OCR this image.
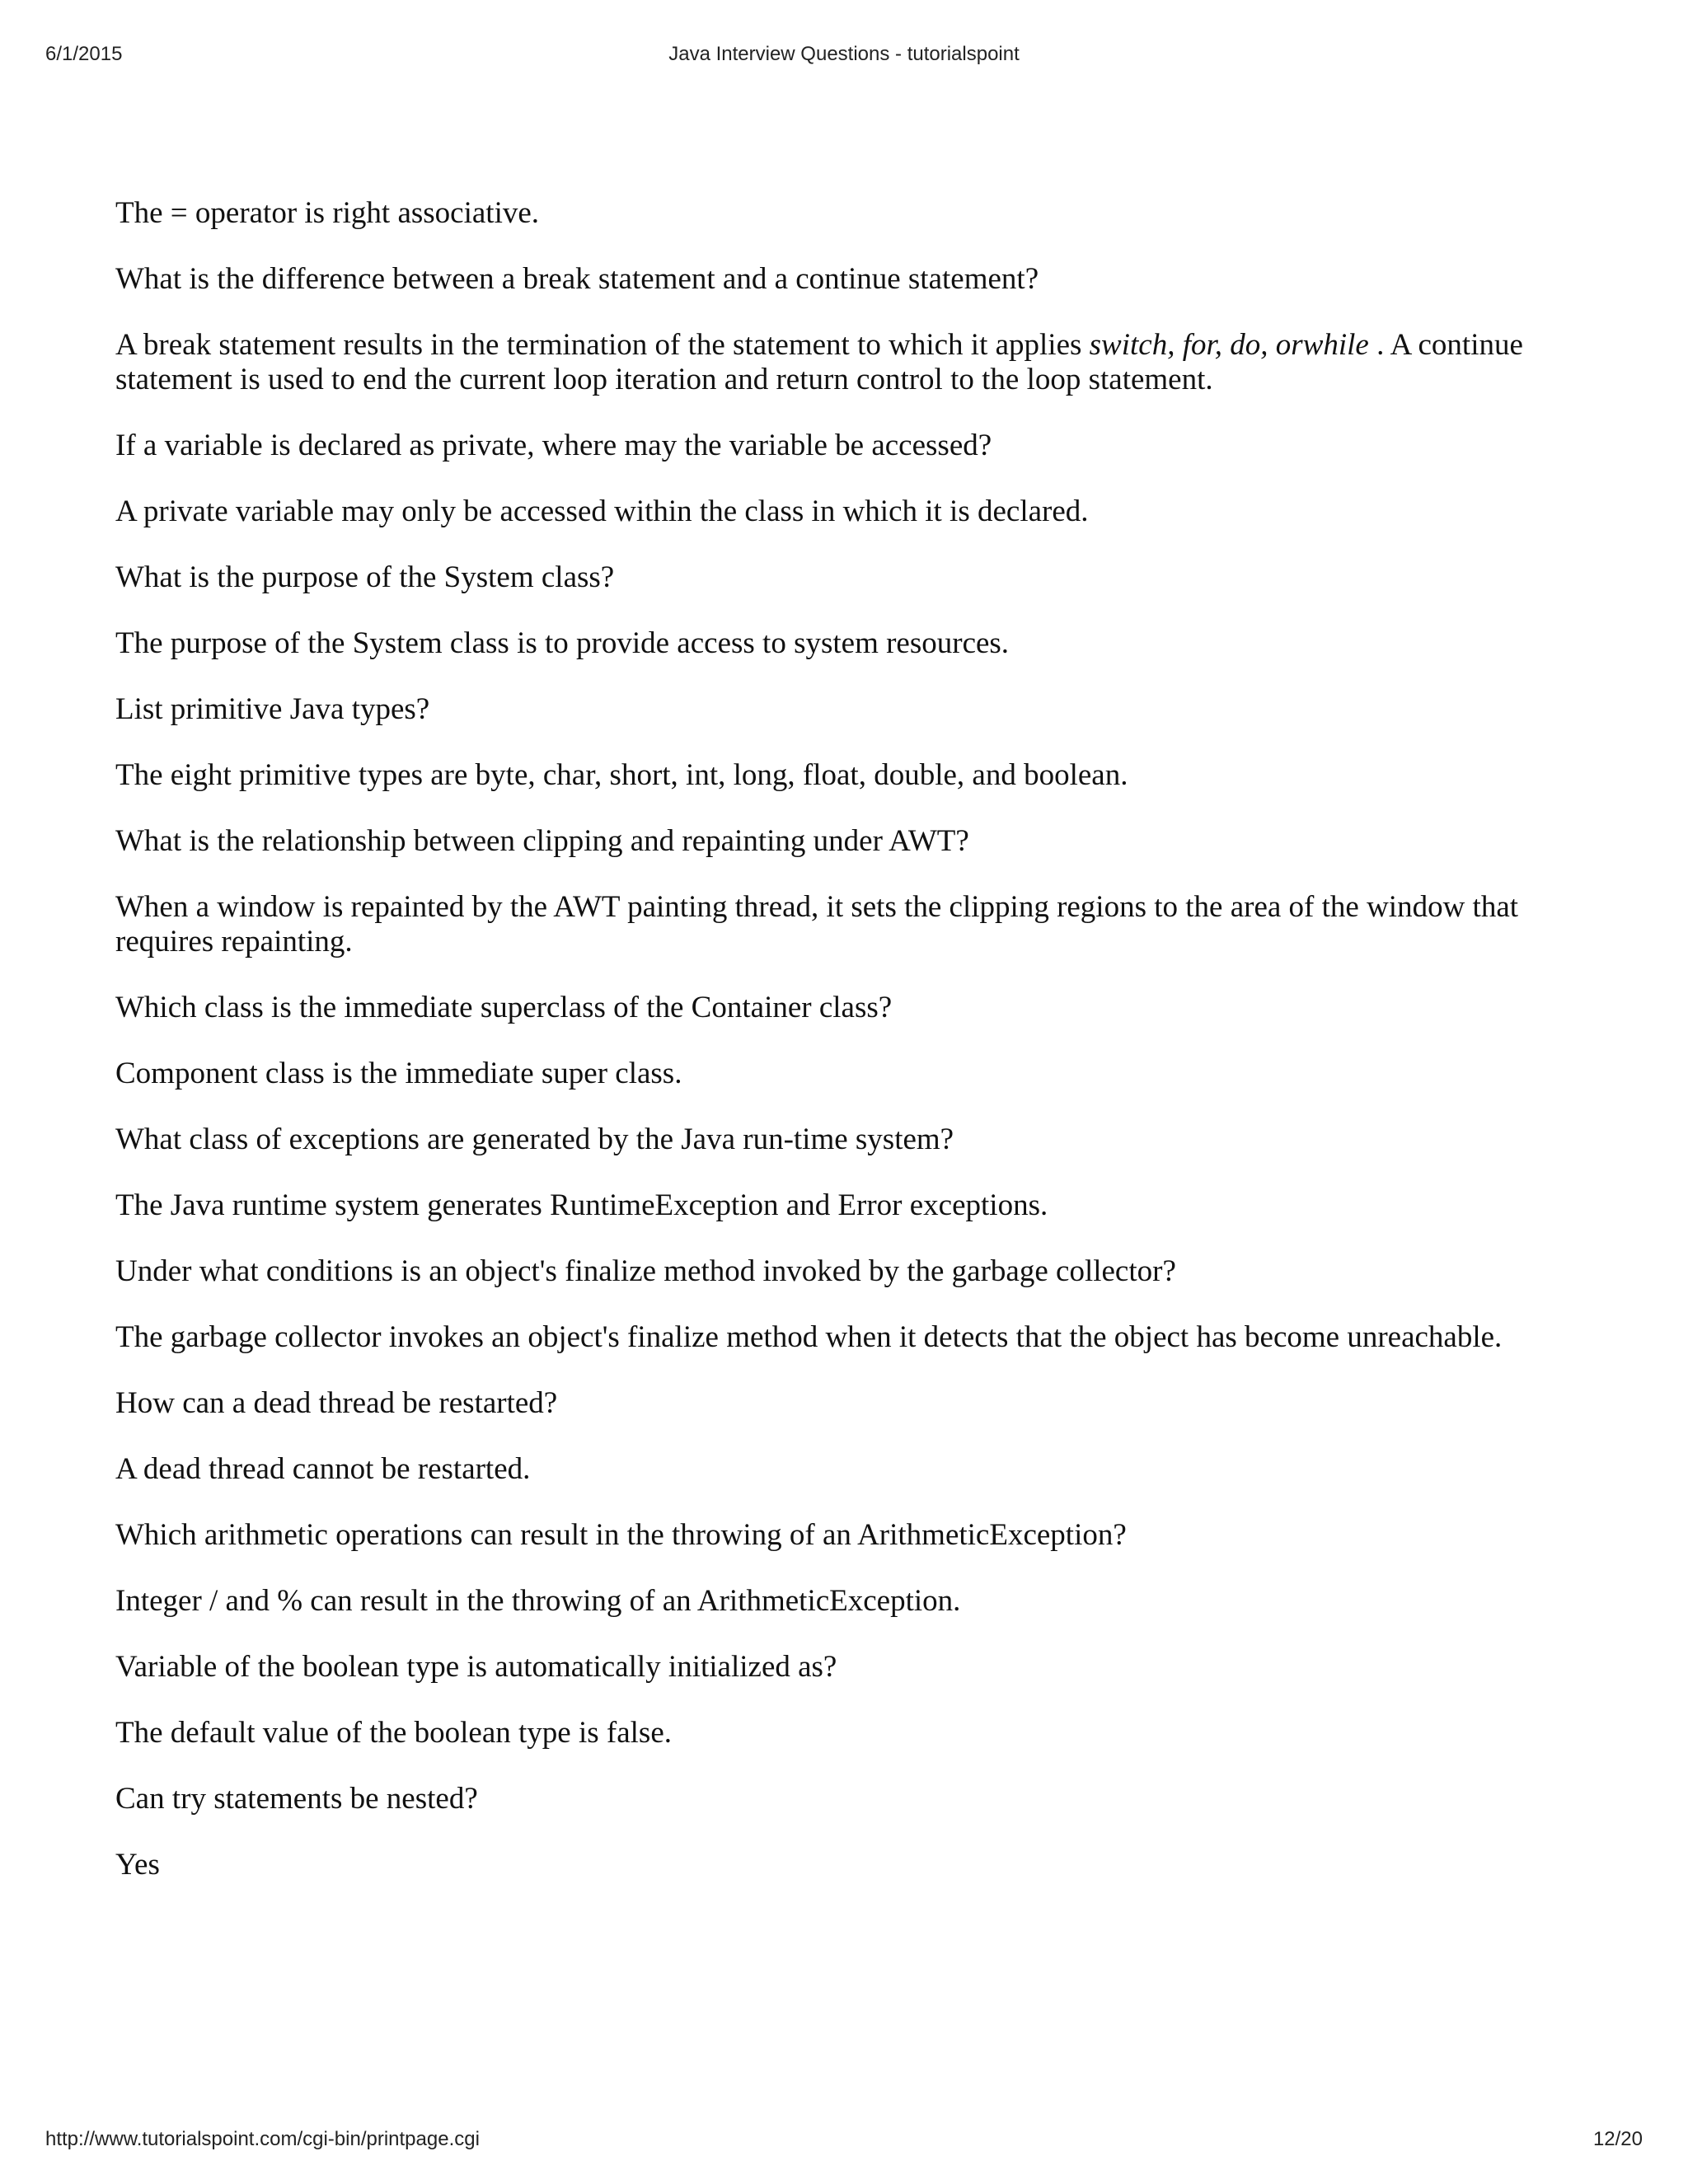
6/1/2015	Java Interview Questions - tutorialspoint

The = operator is right associative.

What is the difference between a break statement and a continue statement?

A break statement results in the termination of the statement to which it applies switch, for, do, orwhile . A continue statement is used to end the current loop iteration and return control to the loop statement.

If a variable is declared as private, where may the variable be accessed?

A private variable may only be accessed within the class in which it is declared.

What is the purpose of the System class?

The purpose of the System class is to provide access to system resources.

List primitive Java types?

The eight primitive types are byte, char, short, int, long, float, double, and boolean.

What is the relationship between clipping and repainting under AWT?

When a window is repainted by the AWT painting thread, it sets the clipping regions to the area of the window that requires repainting.

Which class is the immediate superclass of the Container class?

Component class is the immediate super class.

What class of exceptions are generated by the Java run-time system?

The Java runtime system generates RuntimeException and Error exceptions.

Under what conditions is an object's finalize method invoked by the garbage collector?

The garbage collector invokes an object's finalize method when it detects that the object has become unreachable.

How can a dead thread be restarted?

A dead thread cannot be restarted.

Which arithmetic operations can result in the throwing of an ArithmeticException?

Integer / and % can result in the throwing of an ArithmeticException.

Variable of the boolean type is automatically initialized as?

The default value of the boolean type is false.

Can try statements be nested?

Yes

http://www.tutorialspoint.com/cgi-bin/printpage.cgi	12/20
